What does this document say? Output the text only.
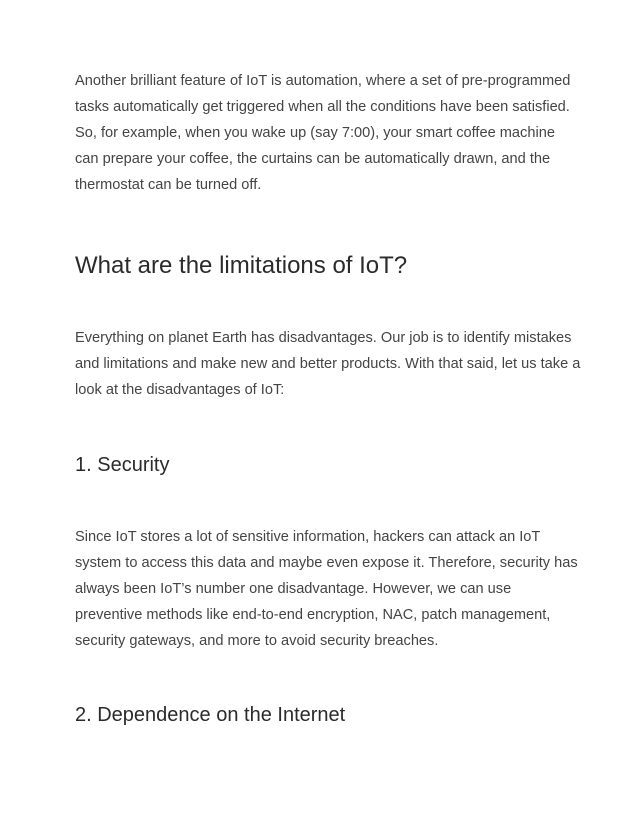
Another brilliant feature of IoT is automation, where a set of pre-programmed
tasks automatically get triggered when all the conditions have been satisfied.
So, for example, when you wake up (say 7:00), your smart coffee machine
can prepare your coffee, the curtains can be automatically drawn, and the
thermostat can be turned off.

What are the limitations of IoT?

Everything on planet Earth has disadvantages. Our job is to identify mistakes
and limitations and make new and better products. With that said, let us take a
look at the disadvantages of IoT:

1. Security

Since IoT stores a lot of sensitive information, hackers can attack an IoT
system to access this data and maybe even expose it. Therefore, security has
always been IoT’s number one disadvantage. However, we can use
preventive methods like end-to-end encryption, NAC, patch management,
security gateways, and more to avoid security breaches.

2. Dependence on the Internet
